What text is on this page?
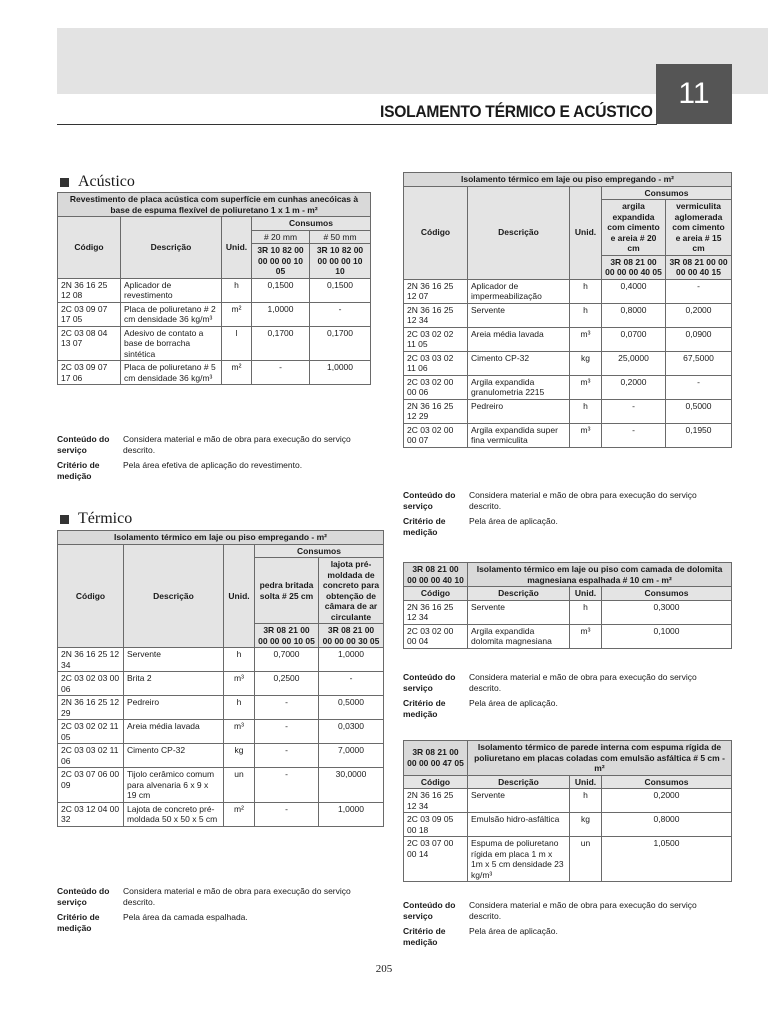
11
ISOLAMENTO TÉRMICO E ACÚSTICO
Acústico
Revestimento de placa acústica com superfície em cunhas anecóicas à base de espuma flexível de poliuretano 1 x 1 m - m²				
Código	Descrição	Unid.	Consumos	
			# 20 mm	# 50 mm
			3R 10 82 00 00 00 00 10 05	3R 10 82 00 00 00 00 10 10
2N 36 16 25 12 08	Aplicador de revestimento	h	0,1500	0,1500
2C 03 09 07 17 05	Placa de poliuretano # 2 cm densidade 36 kg/m³	m²	1,0000	-
2C 03 08 04 13 07	Adesivo de contato a base de borracha sintética	l	0,1700	0,1700
2C 03 09 07 17 06	Placa de poliuretano # 5 cm densidade 36 kg/m³	m²	-	1,0000
Conteúdo do serviço
Considera material e mão de obra para execução do serviço descrito.
Critério de medição
Pela área efetiva de aplicação do revestimento.
Térmico
Isolamento térmico em laje ou piso empregando - m²				
Código	Descrição	Unid.	Consumos	
			pedra britada solta # 25 cm	lajota pré-moldada de concreto para obtenção de câmara de ar circulante
			3R 08 21 00 00 00 00 10 05	3R 08 21 00 00 00 00 30 05
2N 36 16 25 12 34	Servente	h	0,7000	1,0000
2C 03 02 03 00 06	Brita 2	m³	0,2500	-
2N 36 16 25 12 29	Pedreiro	h	-	0,5000
2C 03 02 02 11 05	Areia média lavada	m³	-	0,0300
2C 03 03 02 11 06	Cimento CP-32	kg	-	7,0000
2C 03 07 06 00 09	Tijolo cerâmico comum para alvenaria 6 x 9 x 19 cm	un	-	30,0000
2C 03 12 04 00 32	Lajota de concreto pré-moldada 50 x 50 x 5 cm	m²	-	1,0000
Conteúdo do serviço
Considera material e mão de obra para execução do serviço descrito.
Critério de medição
Pela área da camada espalhada.
Isolamento térmico em laje ou piso empregando - m²				
Código	Descrição	Unid.	Consumos	
			argila expandida com cimento e areia # 20 cm	vermiculita aglomerada com cimento e areia # 15 cm
			3R 08 21 00 00 00 00 40 05	3R 08 21 00 00 00 00 40 15
2N 36 16 25 12 07	Aplicador de impermeabilização	h	0,4000	-
2N 36 16 25 12 34	Servente	h	0,8000	0,2000
2C 03 02 02 11 05	Areia média lavada	m³	0,0700	0,0900
2C 03 03 02 11 06	Cimento CP-32	kg	25,0000	67,5000
2C 03 02 00 00 06	Argila expandida granulometria 2215	m³	0,2000	-
2N 36 16 25 12 29	Pedreiro	h	-	0,5000
2C 03 02 00 00 07	Argila expandida super fina vermiculita	m³	-	0,1950
Conteúdo do serviço
Considera material e mão de obra para execução do serviço descrito.
Critério de medição
Pela área de aplicação.
3R 08 21 00 00 00 00 40 10	Isolamento térmico em laje ou piso com camada de dolomita magnesiana espalhada # 10 cm - m²		
Código	Descrição	Unid.	Consumos
2N 36 16 25 12 34	Servente	h	0,3000
2C 03 02 00 00 04	Argila expandida dolomita magnesiana	m³	0,1000
Conteúdo do serviço
Considera material e mão de obra para execução do serviço descrito.
Critério de medição
Pela área de aplicação.
3R 08 21 00 00 00 00 47 05	Isolamento térmico de parede interna com espuma rígida de poliuretano em placas coladas com emulsão asfáltica # 5 cm - m²		
Código	Descrição	Unid.	Consumos
2N 36 16 25 12 34	Servente	h	0,2000
2C 03 09 05 00 18	Emulsão hidro-asfáltica	kg	0,8000
2C 03 07 00 00 14	Espuma de poliuretano rígida em placa 1 m x 1m x 5 cm densidade 23 kg/m³	un	1,0500
Conteúdo do serviço
Considera material e mão de obra para execução do serviço descrito.
Critério de medição
Pela área de aplicação.
205
